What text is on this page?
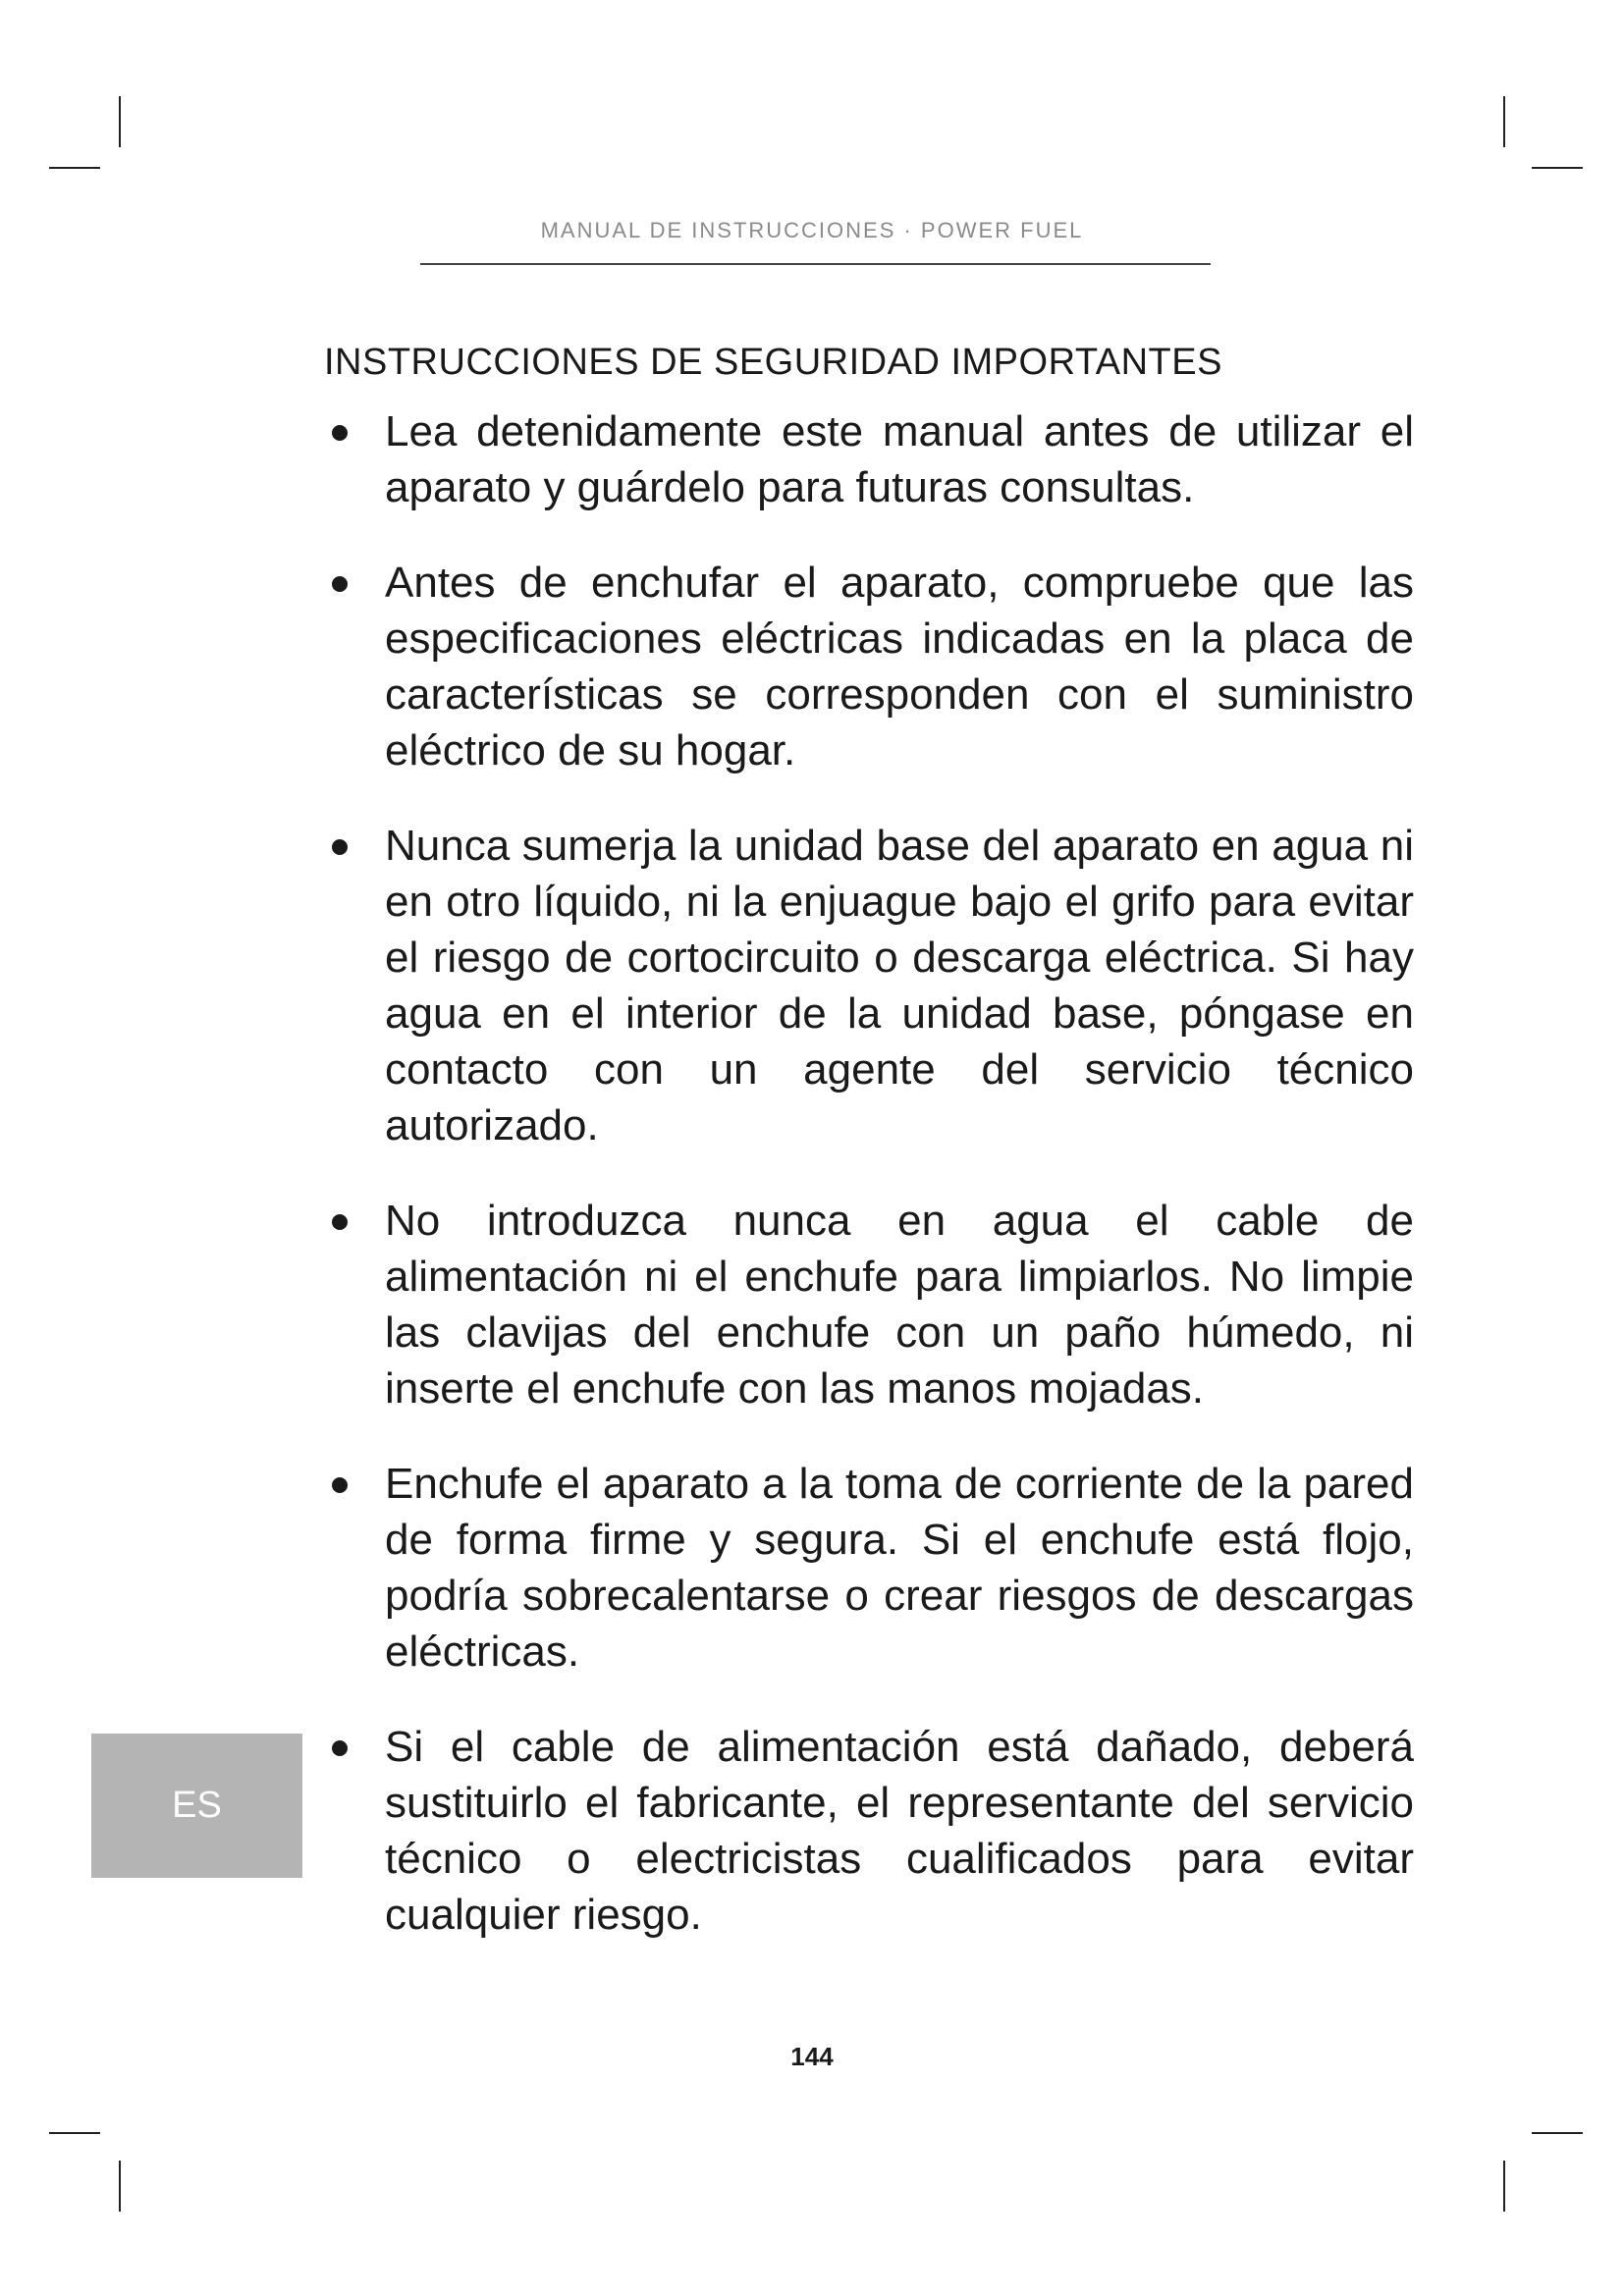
MANUAL DE INSTRUCCIONES · POWER FUEL
INSTRUCCIONES DE SEGURIDAD IMPORTANTES
Lea detenidamente este manual antes de utilizar el aparato y guárdelo para futuras consultas.
Antes de enchufar el aparato, compruebe que las especificaciones eléctricas indicadas en la placa de características se corresponden con el suministro eléctrico de su hogar.
Nunca sumerja la unidad base del aparato en agua ni en otro líquido, ni la enjuague bajo el grifo para evitar el riesgo de cortocircuito o descarga eléctrica. Si hay agua en el interior de la unidad base, póngase en contacto con un agente del servicio técnico autorizado.
No introduzca nunca en agua el cable de alimentación ni el enchufe para limpiarlos. No limpie las clavijas del enchufe con un paño húmedo, ni inserte el enchufe con las manos mojadas.
Enchufe el aparato a la toma de corriente de la pared de forma firme y segura. Si el enchufe está flojo, podría sobrecalentarse o crear riesgos de descargas eléctricas.
Si el cable de alimentación está dañado, deberá sustituirlo el fabricante, el representante del servicio técnico o electricistas cualificados para evitar cualquier riesgo.
ES
144
